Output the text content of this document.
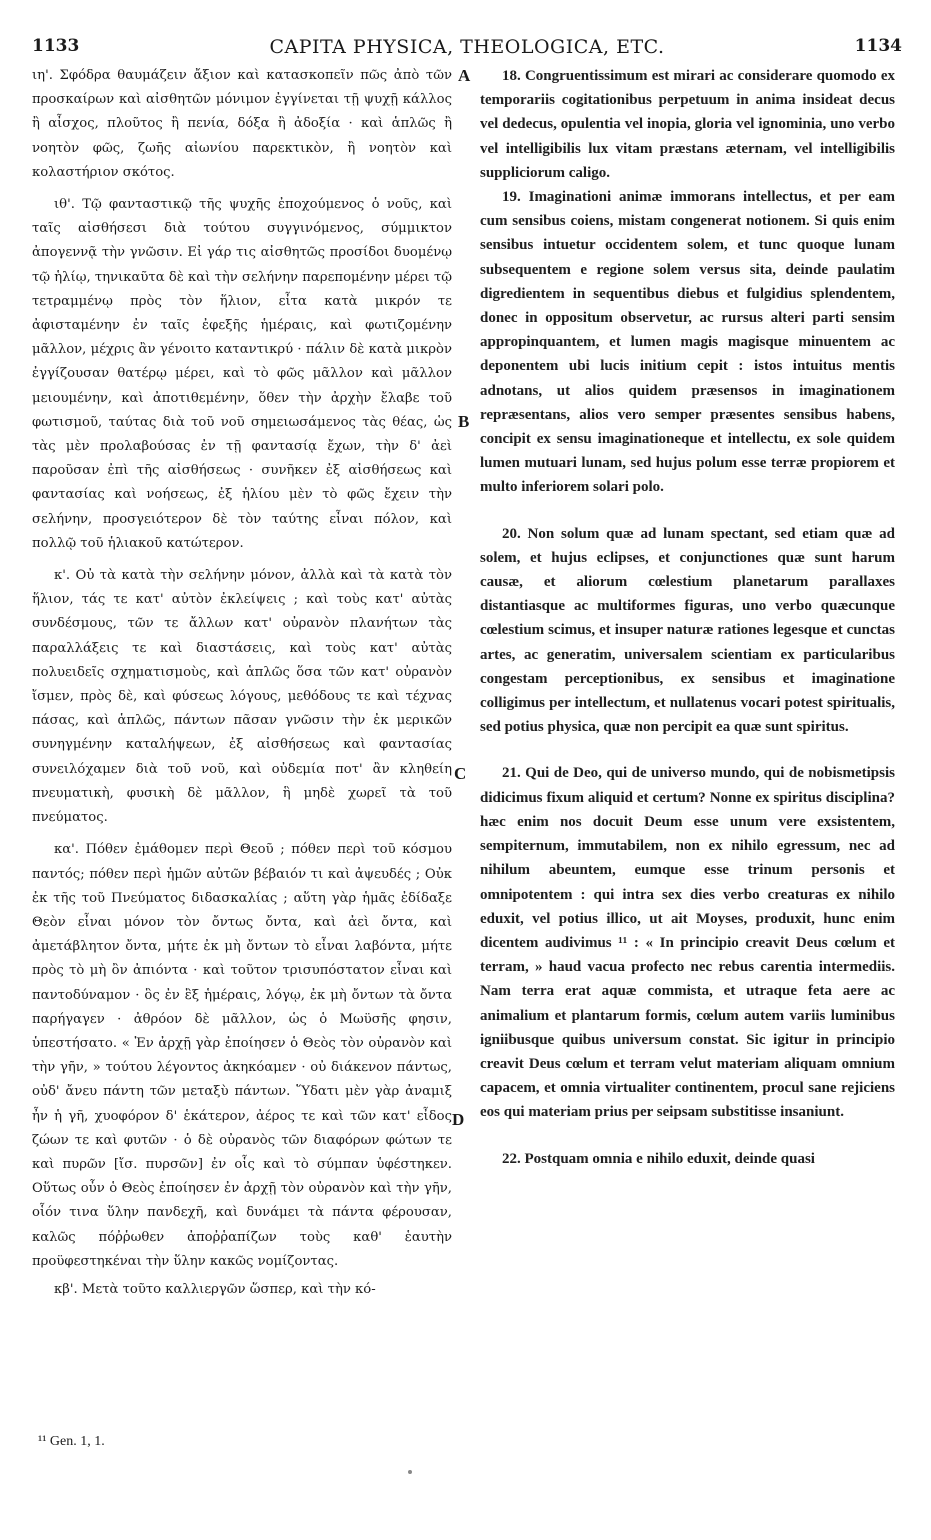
1133	CAPITA PHYSICA, THEOLOGICA, ETC.	1134

ιη'. Σφόδρα θαυμάζειν ἄξιον καὶ κατασκοπεῖν πῶς ἀπὸ τῶν προσκαίρων καὶ αἰσθητῶν μόνιμον ἐγγίνεται τῇ ψυχῇ κάλλος ἢ αἶσχος, πλοῦτος ἢ πενία, δόξα ἢ ἀδοξία · καὶ ἁπλῶς ἢ νοητὸν φῶς, ζωῆς αἰωνίου παρεκτικὸν, ἢ νοητὸν καὶ κολαστήριον σκότος.

ιθ'. Τῷ φανταστικῷ τῆς ψυχῆς ἐποχούμενος ὁ νοῦς, καὶ ταῖς αἰσθήσεσι διὰ τούτου συγγινόμενος, σύμμικτον ἀπογεννᾷ τὴν γνῶσιν. Εἰ γάρ τις αἰσθητῶς προσίδοι δυομένῳ τῷ ἡλίῳ, τηνικαῦτα δὲ καὶ τὴν σελήνην παρεπομένην μέρει τῷ τετραμμένῳ πρὸς τὸν ἥλιον, εἶτα κατὰ μικρόν τε ἀφισταμένην ἐν ταῖς ἐφεξῆς ἡμέραις, καὶ φωτιζομένην μᾶλλον, μέχρις ἂν γένοιτο καταντικρύ · πάλιν δὲ κατὰ μικρὸν ἐγγίζουσαν θατέρῳ μέρει, καὶ τὸ φῶς μᾶλλον καὶ μᾶλλον μειουμένην, καὶ ἀποτιθεμένην, ὅθεν τὴν ἀρχὴν ἔλαβε τοῦ φωτισμοῦ, ταύτας διὰ τοῦ νοῦ σημειωσάμενος τὰς θέας, ὡς τὰς μὲν προλαβούσας ἐν τῇ φαντασίᾳ ἔχων, τὴν δ' ἀεὶ παροῦσαν ἐπὶ τῆς αἰσθήσεως · συνῆκεν ἐξ αἰσθήσεως καὶ φαντασίας καὶ νοήσεως, ἐξ ἡλίου μὲν τὸ φῶς ἔχειν τὴν σελήνην, προσγειότερον δὲ τὸν ταύτης εἶναι πόλον, καὶ πολλῷ τοῦ ἡλιακοῦ κατώτερον.

κ'. Οὐ τὰ κατὰ τὴν σελήνην μόνον, ἀλλὰ καὶ τὰ κατὰ τὸν ἥλιον, τάς τε κατ' αὐτὸν ἐκλείψεις ; καὶ τοὺς κατ' αὐτὰς συνδέσμους, τῶν τε ἄλλων κατ' οὐρανὸν πλανήτων τὰς παραλλάξεις τε καὶ διαστάσεις, καὶ τοὺς κατ' αὐτὰς πολυειδεῖς σχηματισμοὺς, καὶ ἁπλῶς ὅσα τῶν κατ' οὐρανὸν ἴσμεν, πρὸς δὲ, καὶ φύσεως λόγους, μεθόδους τε καὶ τέχνας πάσας, καὶ ἁπλῶς, πάντων πᾶσαν γνῶσιν τὴν ἐκ μερικῶν συνηγμένην καταλήψεων, ἐξ αἰσθήσεως καὶ φαντασίας συνειλόχαμεν διὰ τοῦ νοῦ, καὶ οὐδεμία ποτ' ἂν κληθείη πνευματικὴ, φυσικὴ δὲ μᾶλλον, ἣ μηδὲ χωρεῖ τὰ τοῦ πνεύματος.

κα'. Πόθεν ἐμάθομεν περὶ Θεοῦ ; πόθεν περὶ τοῦ κόσμου παντός; πόθεν περὶ ἡμῶν αὐτῶν βέβαιόν τι καὶ ἀψευδές ; Οὐκ ἐκ τῆς τοῦ Πνεύματος διδασκαλίας ; αὕτη γὰρ ἡμᾶς ἐδίδαξε Θεὸν εἶναι μόνον τὸν ὄντως ὄντα, καὶ ἀεὶ ὄντα, καὶ ἀμετάβλητον ὄντα, μήτε ἐκ μὴ ὄντων τὸ εἶναι λαβόντα, μήτε πρὸς τὸ μὴ ὂν ἀπιόντα · καὶ τοῦτον τρισυπόστατον εἶναι καὶ παντοδύναμον · ὃς ἐν ἓξ ἡμέραις, λόγῳ, ἐκ μὴ ὄντων τὰ ὄντα παρήγαγεν · ἀθρόον δὲ μᾶλλον, ὡς ὁ Μωϋσῆς φησιν, ὑπεστήσατο. « Ἐν ἀρχῇ γὰρ ἐποίησεν ὁ Θεὸς τὸν οὐρανὸν καὶ τὴν γῆν, » τούτου λέγοντος ἀκηκόαμεν · οὐ διάκενον πάντως, οὐδ' ἄνευ πάντη τῶν μεταξὺ πάντων. Ὕδατι μὲν γὰρ ἀναμιξ ἦν ἡ γῆ, χυοφόρον δ' ἑκάτερον, ἀέρος τε καὶ τῶν κατ' εἶδος ζώων τε καὶ φυτῶν · ὁ δὲ οὐρανὸς τῶν διαφόρων φώτων τε καὶ πυρῶν [ἴσ. πυρσῶν] ἐν οἷς καὶ τὸ σύμπαν ὑφέστηκεν. Οὕτως οὖν ὁ Θεὸς ἐποίησεν ἐν ἀρχῇ τὸν οὐρανὸν καὶ τὴν γῆν, οἷόν τινα ὕλην πανδεχῆ, καὶ δυνάμει τὰ πάντα φέρουσαν, καλῶς πόῤῥωθεν ἀποῤῥαπίζων τοὺς καθ' ἑαυτὴν προϋφεστηκέναι τὴν ὕλην κακῶς νομίζοντας.

κβ'. Μετὰ τοῦτο καλλιεργῶν ὥσπερ, καὶ τὴν κό-

A
B
C
D

18. Congruentissimum est mirari ac considerare quomodo ex temporariis cogitationibus perpetuum in anima insideat decus vel dedecus, opulentia vel inopia, gloria vel ignominia, uno verbo vel intelligibilis lux vitam præstans æternam, vel intelligibilis suppliciorum caligo.

19. Imaginationi animæ immorans intellectus, et per eam cum sensibus coiens, mistam congenerat notionem. Si quis enim sensibus intuetur occidentem solem, et tunc quoque lunam subsequentem e regione solem versus sita, deinde paulatim digredientem in sequentibus diebus et fulgidius splendentem, donec in oppositum observetur, ac rursus alteri parti sensim appropinquantem, et lumen magis magisque minuentem ac deponentem ubi lucis initium cepit : istos intuitus mentis adnotans, ut alios quidem præsensos in imaginationem repræsentans, alios vero semper præsentes sensibus habens, concipit ex sensu imaginationeque et intellectu, ex sole quidem lumen mutuari lunam, sed hujus polum esse terræ propiorem et multo inferiorem solari polo.

20. Non solum quæ ad lunam spectant, sed etiam quæ ad solem, et hujus eclipses, et conjunctiones quæ sunt harum causæ, et aliorum cœlestium planetarum parallaxes distantiasque ac multiformes figuras, uno verbo quæcunque cœlestium scimus, et insuper naturæ rationes legesque et cunctas artes, ac generatim, universalem scientiam ex particularibus congestam perceptionibus, ex sensibus et imaginatione colligimus per intellectum, et nullatenus vocari potest spiritualis, sed potius physica, quæ non percipit ea quæ sunt spiritus.

21. Qui de Deo, qui de universo mundo, qui de nobismetipsis didicimus fixum aliquid et certum? Nonne ex spiritus disciplina? hæc enim nos docuit Deum esse unum vere exsistentem, sempiternum, immutabilem, non ex nihilo egressum, nec ad nihilum abeuntem, eumque esse trinum personis et omnipotentem : qui intra sex dies verbo creaturas ex nihilo eduxit, vel potius illico, ut ait Moyses, produxit, hunc enim dicentem audivimus ¹¹ : « In principio creavit Deus cœlum et terram, » haud vacua profecto nec rebus carentia intermediis. Nam terra erat aquæ commista, et utraque feta aere ac animalium et plantarum formis, cœlum autem variis luminibus igniibusque quibus universum constat. Sic igitur in principio creavit Deus cœlum et terram velut materiam aliquam omnium capacem, et omnia virtualiter continentem, procul sane rejiciens eos qui materiam prius per seipsam substitisse insaniunt.

22. Postquam omnia e nihilo eduxit, deinde quasi

¹¹ Gen. 1, 1.
